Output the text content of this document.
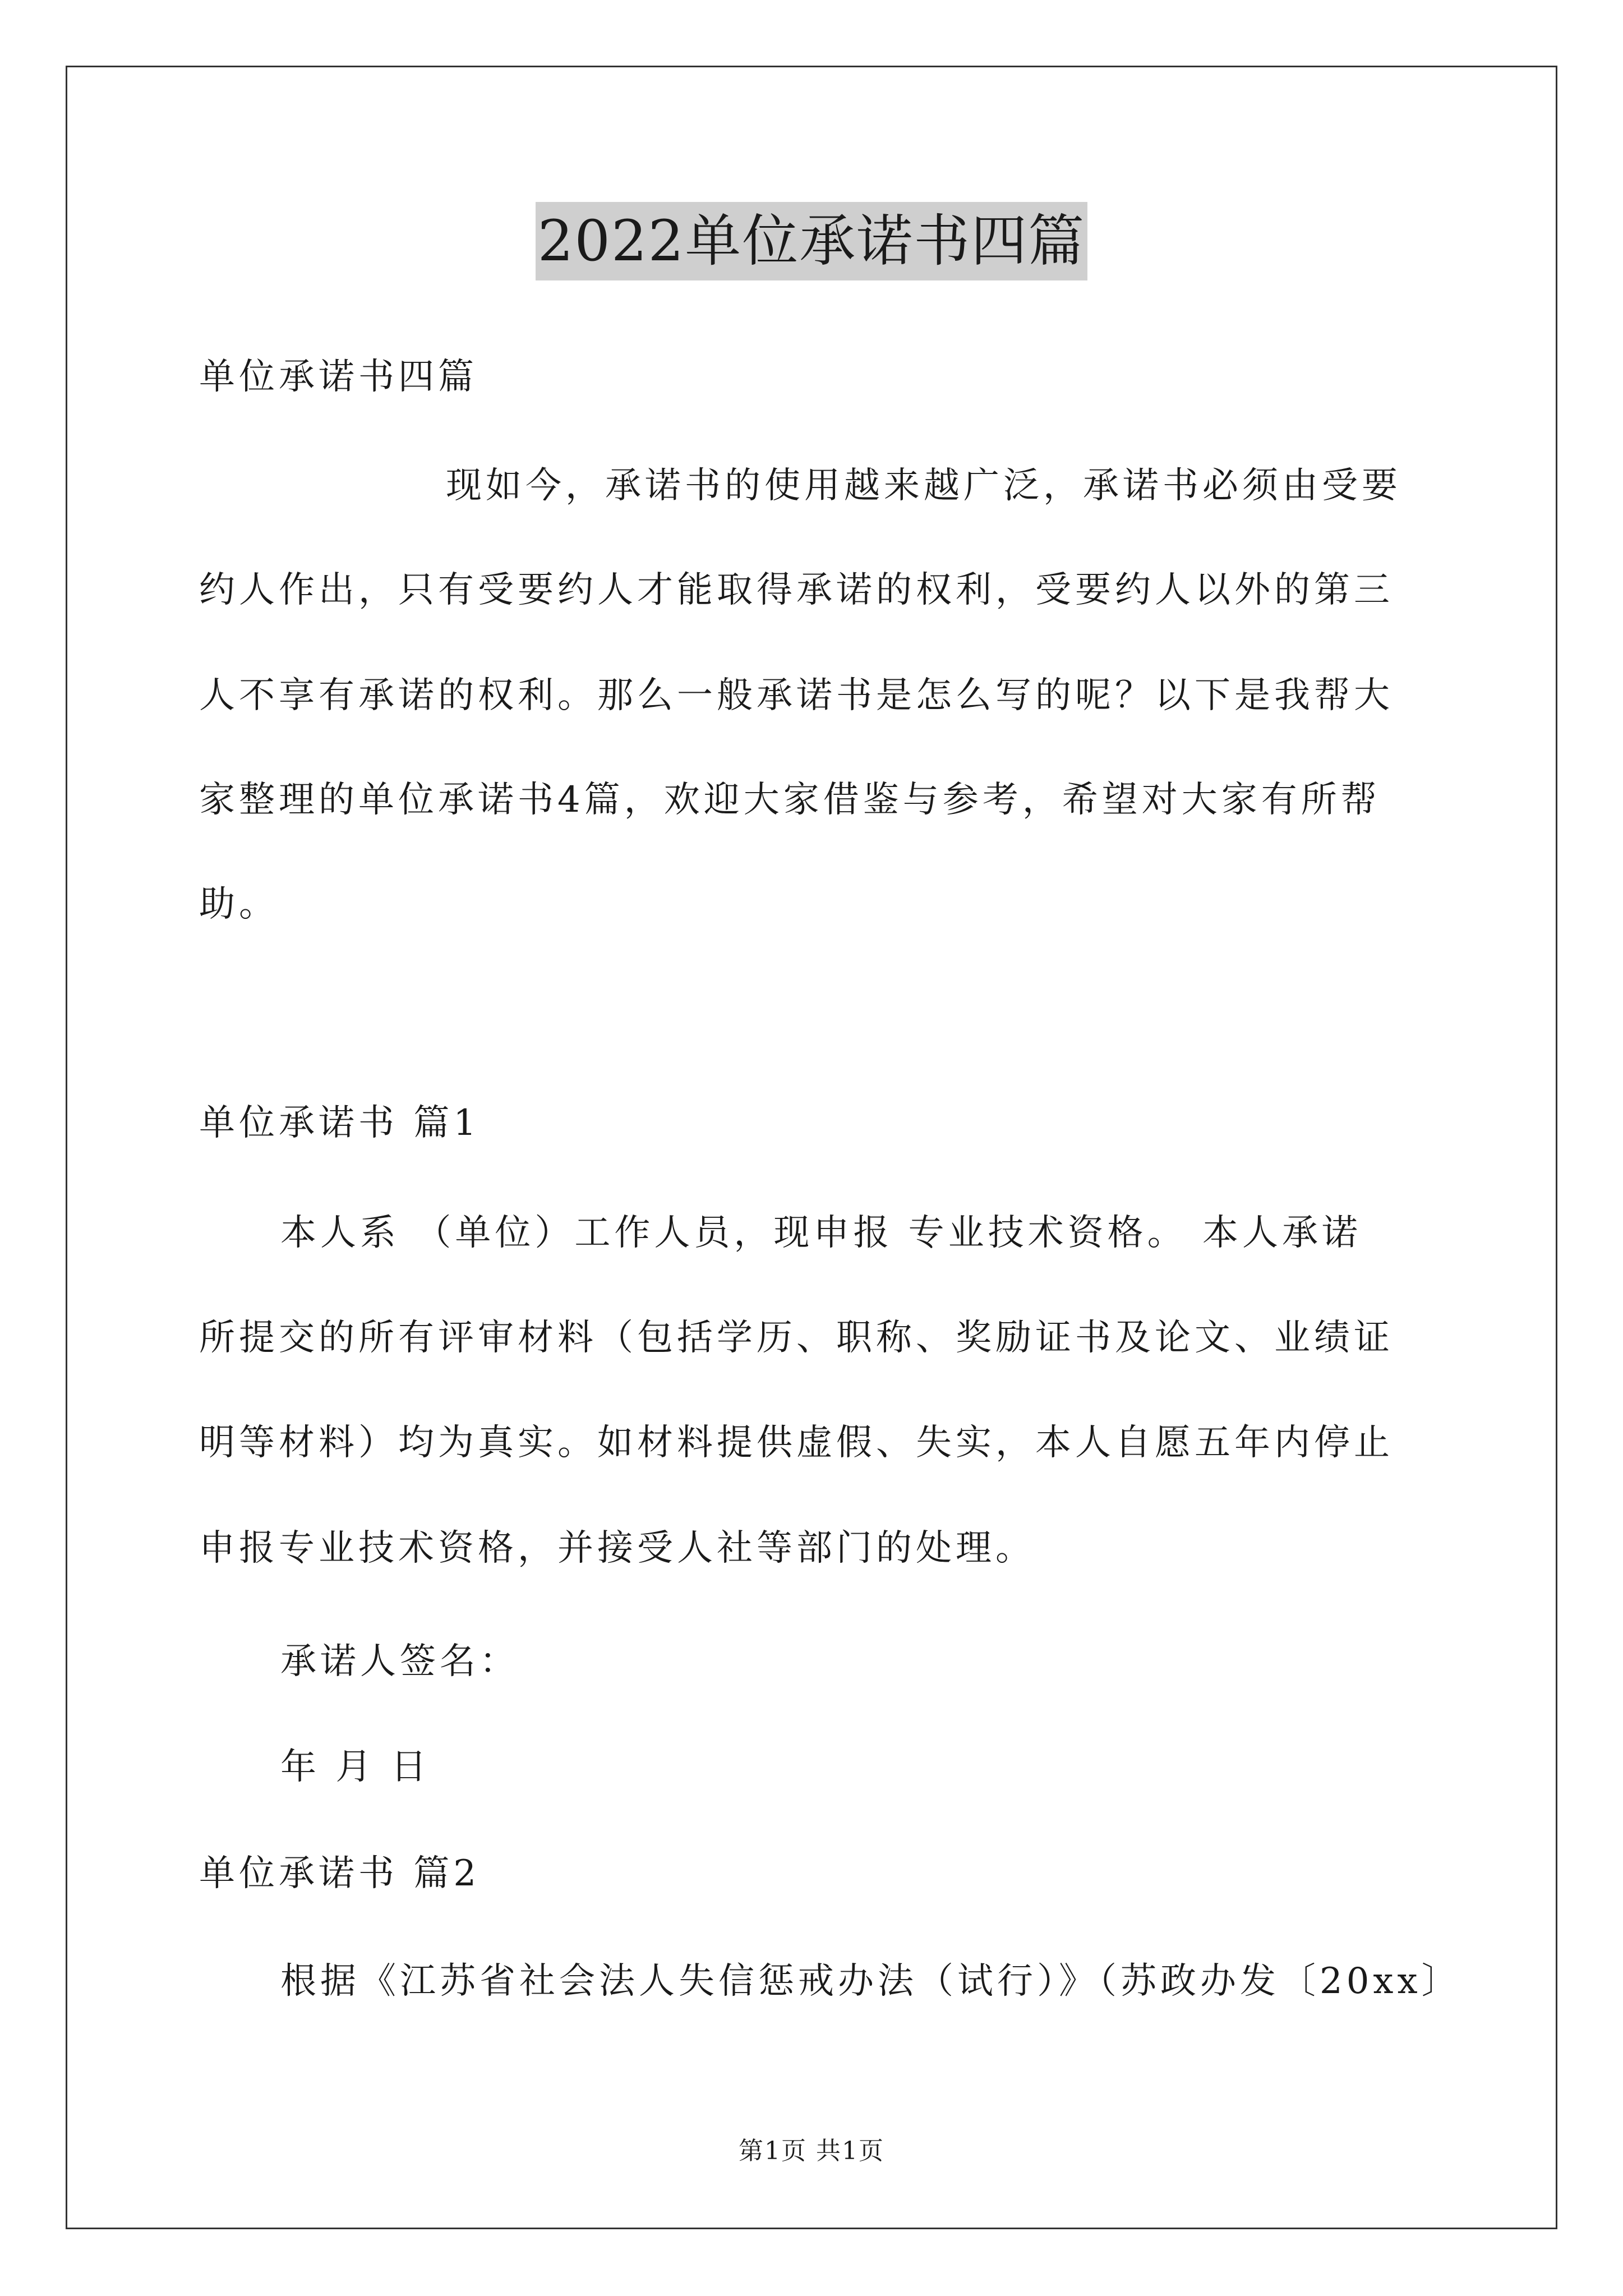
2022单位承诺书四篇
单位承诺书四篇
现如今，承诺书的使用越来越广泛，承诺书必须由受要
约人作出，只有受要约人才能取得承诺的权利，受要约人以外的第三
人不享有承诺的权利。那么一般承诺书是怎么写的呢？以下是我帮大
家整理的单位承诺书4篇，欢迎大家借鉴与参考，希望对大家有所帮
助。
单位承诺书 篇1
本人系 （单位）工作人员，现申报 专业技术资格。 本人承诺
所提交的所有评审材料（包括学历、职称、奖励证书及论文、业绩证
明等材料）均为真实。如材料提供虚假、失实，本人自愿五年内停止
申报专业技术资格，并接受人社等部门的处理。
承诺人签名：
年 月 日
单位承诺书 篇2
根据《江苏省社会法人失信惩戒办法（试行）》（苏政办发〔20xx〕
第1页 共1页
